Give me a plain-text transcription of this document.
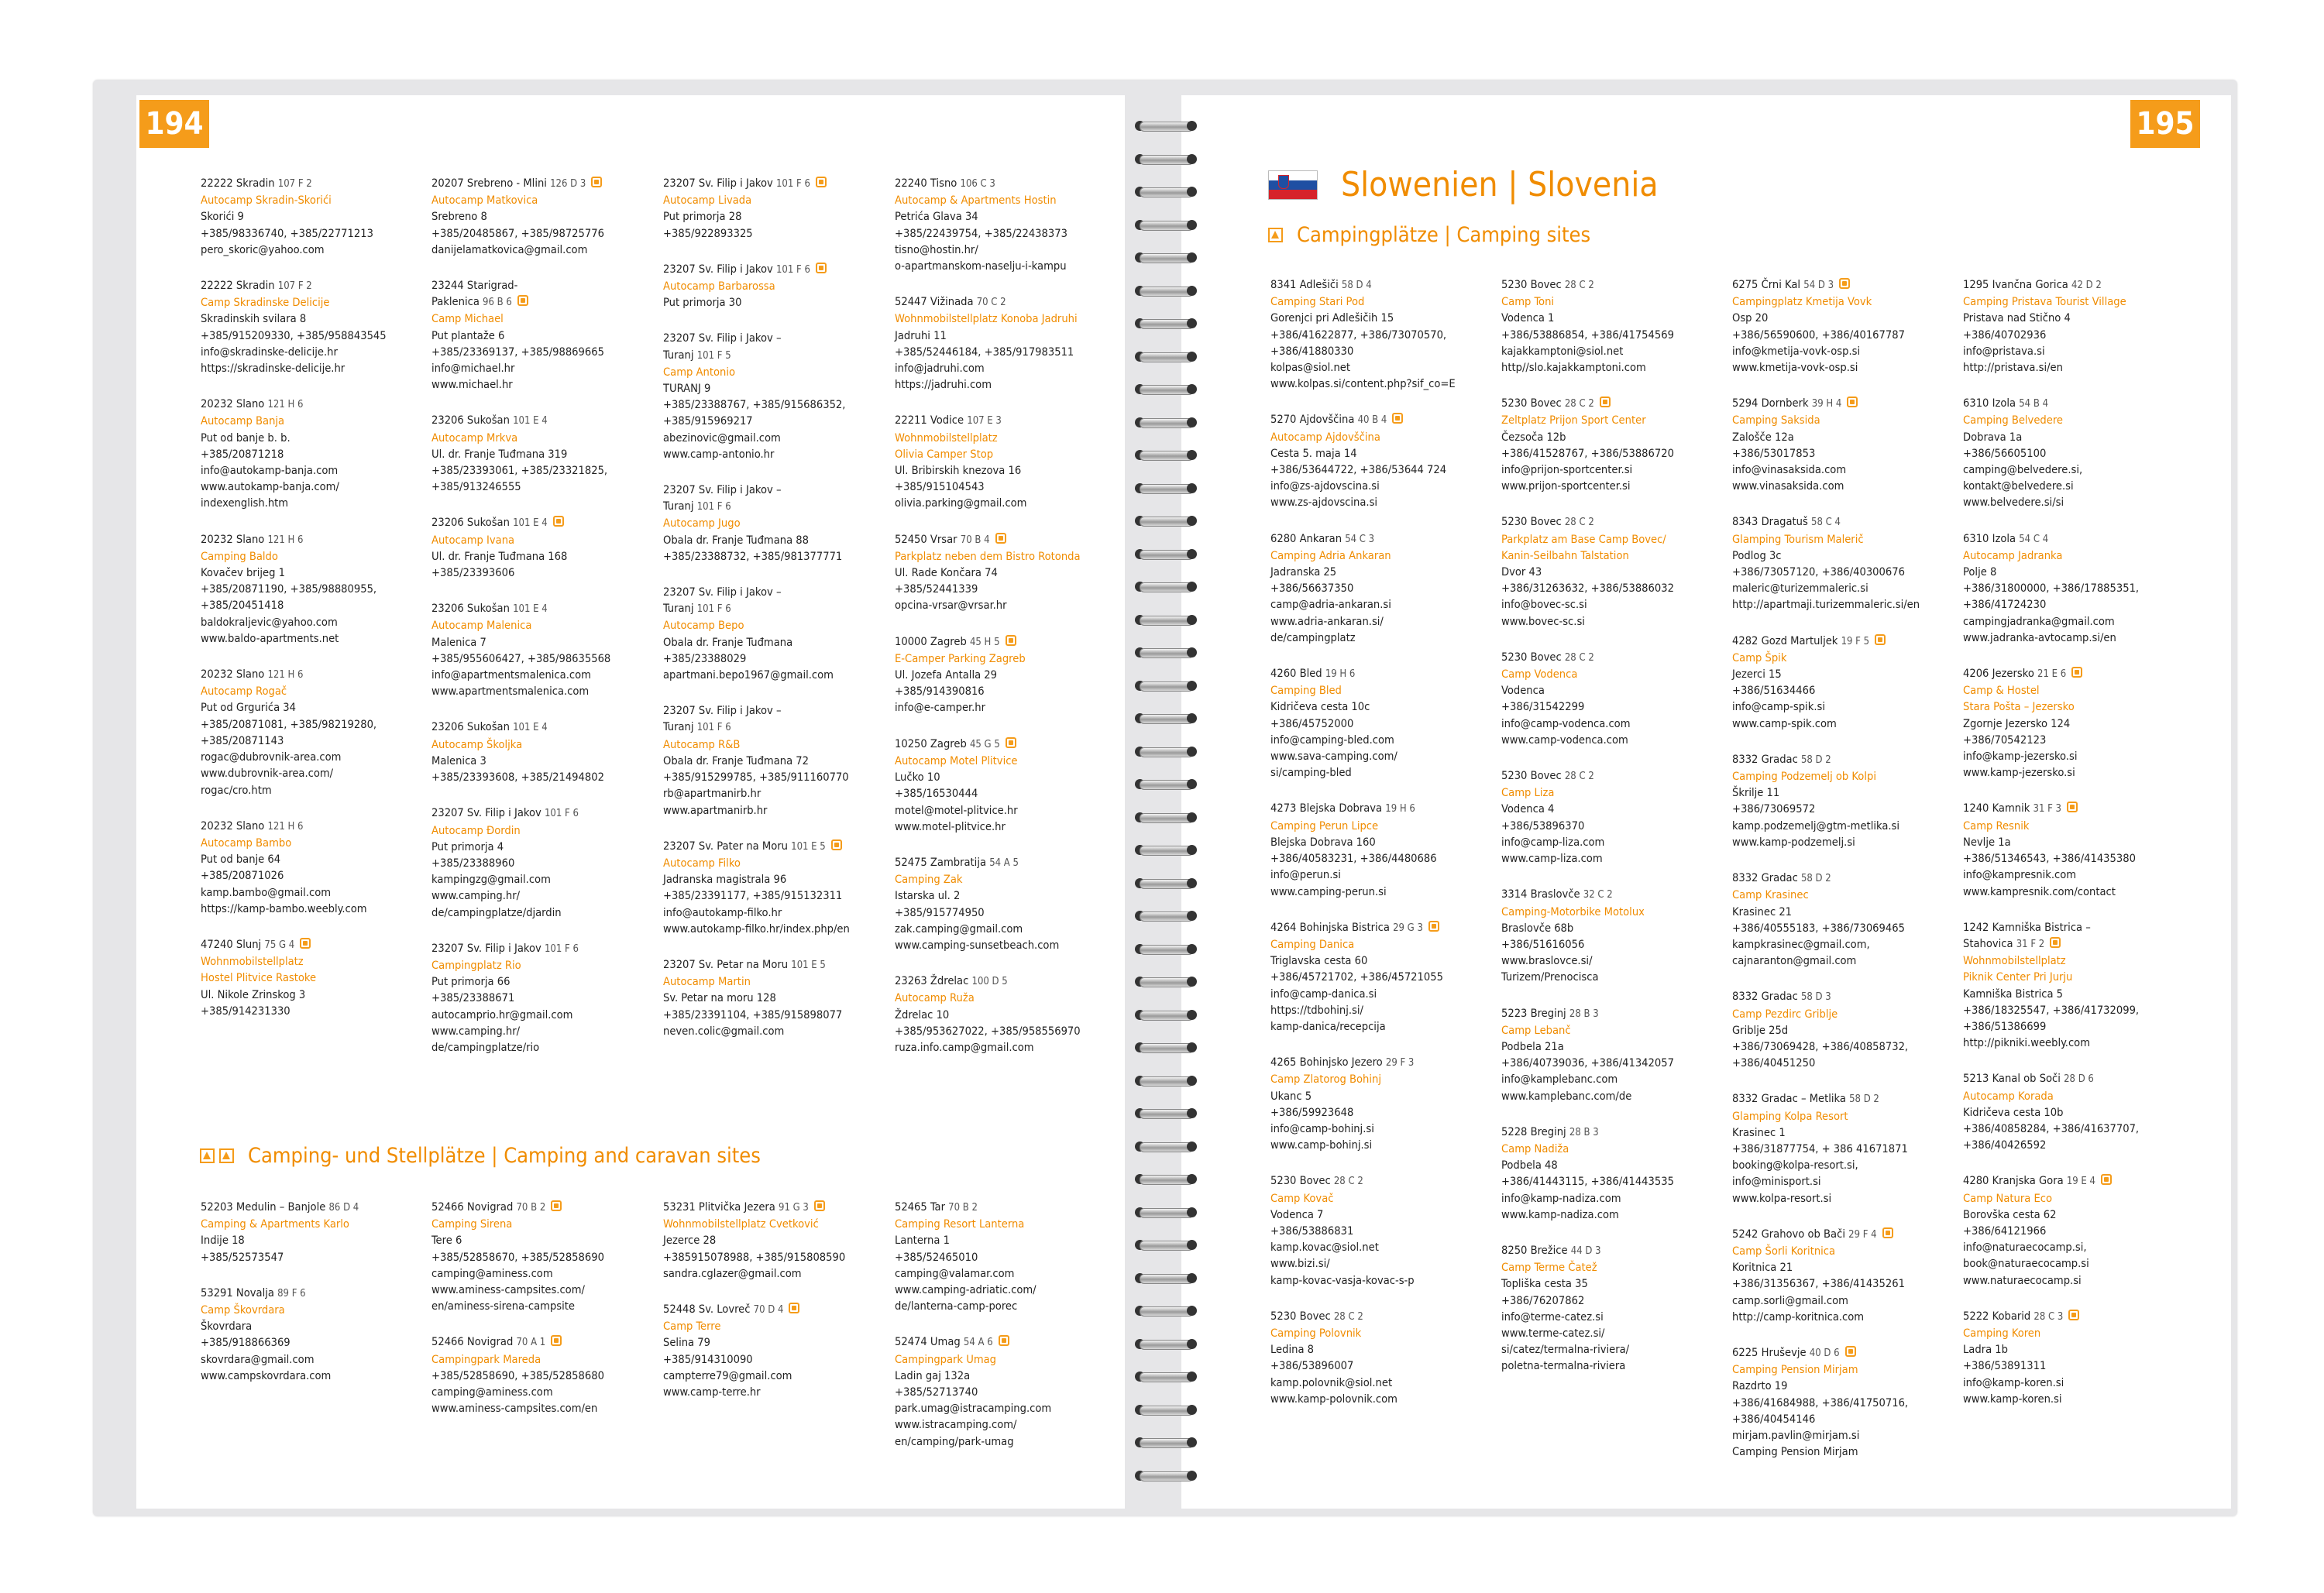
194	195
22222 Skradin 107 F 2
Autocamp Skradin-Skorići
Skorići 9
+385/98336740, +385/22771213
pero_skoric@yahoo.com
22222 Skradin 107 F 2
Camp Skradinske Delicije
Skradinskih svilara 8
+385/915209330, +385/958843545
info@skradinske-delicije.hr
https://skradinske-delicije.hr
20232 Slano 121 H 6
Autocamp Banja
Put od banje b. b.
+385/20871218
info@autokamp-banja.com
www.autokamp-banja.com/
indexenglish.htm
20232 Slano 121 H 6
Camping Baldo
Kovačev brijeg 1
+385/20871190, +385/98880955,
+385/20451418
baldokraljevic@yahoo.com
www.baldo-apartments.net
20232 Slano 121 H 6
Autocamp Rogač
Put od Grgurića 34
+385/20871081, +385/98219280,
+385/20871143
rogac@dubrovnik-area.com
www.dubrovnik-area.com/
rogac/cro.htm
20232 Slano 121 H 6
Autocamp Bambo
Put od banje 64
+385/20871026
kamp.bambo@gmail.com
https://kamp-bambo.weebly.com
47240 Slunj 75 G 4
Wohnmobilstellplatz
Hostel Plitvice Rastoke
Ul. Nikole Zrinskog 3
+385/914231330
20207 Srebreno - Mlini 126 D 3
Autocamp Matkovica
Srebreno 8
+385/20485867, +385/98725776
danijelamatkovica@gmail.com
23244 Starigrad-
Paklenica 96 B 6
Camp Michael
Put plantaže 6
+385/23369137, +385/98869665
info@michael.hr
www.michael.hr
23206 Sukošan 101 E 4
Autocamp Mrkva
Ul. dr. Franje Tuđmana 319
+385/23393061, +385/23321825,
+385/913246555
23206 Sukošan 101 E 4
Autocamp Ivana
Ul. dr. Franje Tuđmana 168
+385/23393606
23206 Sukošan 101 E 4
Autocamp Malenica
Malenica 7
+385/955606427, +385/98635568
info@apartmentsmalenica.com
www.apartmentsmalenica.com
23206 Sukošan 101 E 4
Autocamp Školjka
Malenica 3
+385/23393608, +385/21494802
23207 Sv. Filip i Jakov 101 F 6
Autocamp Đordin
Put primorja 4
+385/23388960
kampingzg@gmail.com
www.camping.hr/
de/campingplatze/djardin
23207 Sv. Filip i Jakov 101 F 6
Campingplatz Rio
Put primorja 66
+385/23388671
autocamprio.hr@gmail.com
www.camping.hr/
de/campingplatze/rio
23207 Sv. Filip i Jakov 101 F 6
Autocamp Livada
Put primorja 28
+385/922893325
23207 Sv. Filip i Jakov 101 F 6
Autocamp Barbarossa
Put primorja 30
23207 Sv. Filip i Jakov –
Turanj 101 F 5
Camp Antonio
TURANJ 9
+385/23388767, +385/915686352,
+385/915969217
abezinovic@gmail.com
www.camp-antonio.hr
23207 Sv. Filip i Jakov –
Turanj 101 F 6
Autocamp Jugo
Obala dr. Franje Tuđmana 88
+385/23388732, +385/981377771
23207 Sv. Filip i Jakov –
Turanj 101 F 6
Autocamp Bepo
Obala dr. Franje Tuđmana
+385/23388029
apartmani.bepo1967@gmail.com
23207 Sv. Filip i Jakov –
Turanj 101 F 6
Autocamp R&B
Obala dr. Franje Tuđmana 72
+385/915299785, +385/911160770
rb@apartmanirb.hr
www.apartmanirb.hr
23207 Sv. Pater na Moru 101 E 5
Autocamp Filko
Jadranska magistrala 96
+385/23391177, +385/915132311
info@autokamp-filko.hr
www.autokamp-filko.hr/index.php/en
23207 Sv. Petar na Moru 101 E 5
Autocamp Martin
Sv. Petar na moru 128
+385/23391104, +385/915898077
neven.colic@gmail.com
22240 Tisno 106 C 3
Autocamp & Apartments Hostin
Petrića Glava 34
+385/22439754, +385/22438373
tisno@hostin.hr/
o-apartmanskom-naselju-i-kampu
52447 Vižinada 70 C 2
Wohnmobilstellplatz Konoba Jadruhi
Jadruhi 11
+385/52446184, +385/917983511
info@jadruhi.com
https://jadruhi.com
22211 Vodice 107 E 3
Wohnmobilstellplatz
Olivia Camper Stop
Ul. Bribirskih knezova 16
+385/915104543
olivia.parking@gmail.com
52450 Vrsar 70 B 4
Parkplatz neben dem Bistro Rotonda
Ul. Rade Končara 74
+385/52441339
opcina-vrsar@vrsar.hr
10000 Zagreb 45 H 5
E-Camper Parking Zagreb
Ul. Jozefa Antalla 29
+385/914390816
info@e-camper.hr
10250 Zagreb 45 G 5
Autocamp Motel Plitvice
Lučko 10
+385/16530444
motel@motel-plitvice.hr
www.motel-plitvice.hr
52475 Zambratija 54 A 5
Camping Zak
Istarska ul. 2
+385/915774950
zak.camping@gmail.com
www.camping-sunsetbeach.com
23263 Ždrelac 100 D 5
Autocamp Ruža
Ždrelac 10
+385/953627022, +385/958556970
ruza.info.camp@gmail.com
Camping- und Stellplätze | Camping and caravan sites
52203 Medulin – Banjole 86 D 4
Camping & Apartments Karlo
Indije 18
+385/52573547
53291 Novalja 89 F 6
Camp Škovrdara
Škovrdara
+385/918866369
skovrdara@gmail.com
www.campskovrdara.com
52466 Novigrad 70 B 2
Camping Sirena
Tere 6
+385/52858670, +385/52858690
camping@aminess.com
www.aminess-campsites.com/
en/aminess-sirena-campsite
52466 Novigrad 70 A 1
Campingpark Mareda
+385/52858690, +385/52858680
camping@aminess.com
www.aminess-campsites.com/en
53231 Plitvička Jezera 91 G 3
Wohnmobilstellplatz Cvetković
Jezerce 28
+385915078988, +385/915808590
sandra.cglazer@gmail.com
52448 Sv. Lovreč 70 D 4
Camp Terre
Selina 79
+385/914310090
campterre79@gmail.com
www.camp-terre.hr
52465 Tar 70 B 2
Camping Resort Lanterna
Lanterna 1
+385/52465010
camping@valamar.com
www.camping-adriatic.com/
de/lanterna-camp-porec
52474 Umag 54 A 6
Campingpark Umag
Ladin gaj 132a
+385/52713740
park.umag@istracamping.com
www.istracamping.com/
en/camping/park-umag
Slowenien | Slovenia
Campingplätze | Camping sites
8341 Adlešiči 58 D 4
Camping Stari Pod
Gorenjci pri Adlešičih 15
+386/41622877, +386/73070570,
+386/41880330
kolpas@siol.net
www.kolpas.si/content.php?sif_co=E
5270 Ajdovščina 40 B 4
Autocamp Ajdovščina
Cesta 5. maja 14
+386/53644722, +386/53644 724
info@zs-ajdovscina.si
www.zs-ajdovscina.si
6280 Ankaran 54 C 3
Camping Adria Ankaran
Jadranska 25
+386/56637350
camp@adria-ankaran.si
www.adria-ankaran.si/
de/campingplatz
4260 Bled 19 H 6
Camping Bled
Kidričeva cesta 10c
+386/45752000
info@camping-bled.com
www.sava-camping.com/
si/camping-bled
4273 Blejska Dobrava 19 H 6
Camping Perun Lipce
Blejska Dobrava 160
+386/40583231, +386/4480686
info@perun.si
www.camping-perun.si
4264 Bohinjska Bistrica 29 G 3
Camping Danica
Triglavska cesta 60
+386/45721702, +386/45721055
info@camp-danica.si
https://tdbohinj.si/
kamp-danica/recepcija
4265 Bohinjsko Jezero 29 F 3
Camp Zlatorog Bohinj
Ukanc 5
+386/59923648
info@camp-bohinj.si
www.camp-bohinj.si
5230 Bovec 28 C 2
Camp Kovač
Vodenca 7
+386/53886831
kamp.kovac@siol.net
www.bizi.si/
kamp-kovac-vasja-kovac-s-p
5230 Bovec 28 C 2
Camping Polovnik
Ledina 8
+386/53896007
kamp.polovnik@siol.net
www.kamp-polovnik.com
5230 Bovec 28 C 2
Camp Toni
Vodenca 1
+386/53886854, +386/41754569
kajakkamptoni@siol.net
http//slo.kajakkamptoni.com
5230 Bovec 28 C 2
Zeltplatz Prijon Sport Center
Čezsoča 12b
+386/41528767, +386/53886720
info@prijon-sportcenter.si
www.prijon-sportcenter.si
5230 Bovec 28 C 2
Parkplatz am Base Camp Bovec/
Kanin-Seilbahn Talstation
Dvor 43
+386/31263632, +386/53886032
info@bovec-sc.si
www.bovec-sc.si
5230 Bovec 28 C 2
Camp Vodenca
Vodenca
+386/31542299
info@camp-vodenca.com
www.camp-vodenca.com
5230 Bovec 28 C 2
Camp Liza
Vodenca 4
+386/53896370
info@camp-liza.com
www.camp-liza.com
3314 Braslovče 32 C 2
Camping-Motorbike Motolux
Braslovče 68b
+386/51616056
www.braslovce.si/
Turizem/Prenocisca
5223 Breginj 28 B 3
Camp Lebanč
Podbela 21a
+386/40739036, +386/41342057
info@kamplebanc.com
www.kamplebanc.com/de
5228 Breginj 28 B 3
Camp Nadiža
Podbela 48
+386/41443115, +386/41443535
info@kamp-nadiza.com
www.kamp-nadiza.com
8250 Brežice 44 D 3
Camp Terme Čatež
Topliška cesta 35
+386/76207862
info@terme-catez.si
www.terme-catez.si/
si/catez/termalna-riviera/
poletna-termalna-riviera
6275 Črni Kal 54 D 3
Campingplatz Kmetija Vovk
Osp 20
+386/56590600, +386/40167787
info@kmetija-vovk-osp.si
www.kmetija-vovk-osp.si
5294 Dornberk 39 H 4
Camping Saksida
Zalošče 12a
+386/53017853
info@vinasaksida.com
www.vinasaksida.com
8343 Dragatuš 58 C 4
Glamping Tourism Malerič
Podlog 3c
+386/73057120, +386/40300676
maleric@turizemmaleric.si
http://apartmaji.turizemmaleric.si/en
4282 Gozd Martuljek 19 F 5
Camp Špik
Jezerci 15
+386/51634466
info@camp-spik.si
www.camp-spik.com
8332 Gradac 58 D 2
Camping Podzemelj ob Kolpi
Škrilje 11
+386/73069572
kamp.podzemelj@gtm-metlika.si
www.kamp-podzemelj.si
8332 Gradac 58 D 2
Camp Krasinec
Krasinec 21
+386/40555183, +386/73069465
kampkrasinec@gmail.com,
cajnaranton@gmail.com
8332 Gradac 58 D 3
Camp Pezdirc Griblje
Griblje 25d
+386/73069428, +386/40858732,
+386/40451250
8332 Gradac – Metlika 58 D 2
Glamping Kolpa Resort
Krasinec 1
+386/31877754, + 386 41671871
booking@kolpa-resort.si,
info@minisport.si
www.kolpa-resort.si
5242 Grahovo ob Bači 29 F 4
Camp Šorli Koritnica
Koritnica 21
+386/31356367, +386/41435261
camp.sorli@gmail.com
http://camp-koritnica.com
6225 Hruševje 40 D 6
Camping Pension Mirjam
Razdrto 19
+386/41684988, +386/41750716,
+386/40454146
mirjam.pavlin@mirjam.si
Camping Pension Mirjam
1295 Ivančna Gorica 42 D 2
Camping Pristava Tourist Village
Pristava nad Stično 4
+386/40702936
info@pristava.si
http://pristava.si/en
6310 Izola 54 B 4
Camping Belvedere
Dobrava 1a
+386/56605100
camping@belvedere.si,
kontakt@belvedere.si
www.belvedere.si/si
6310 Izola 54 C 4
Autocamp Jadranka
Polje 8
+386/31800000, +386/17885351,
+386/41724230
campingjadranka@gmail.com
www.jadranka-avtocamp.si/en
4206 Jezersko 21 E 6
Camp & Hostel
Stara Pošta – Jezersko
Zgornje Jezersko 124
+386/70542123
info@kamp-jezersko.si
www.kamp-jezersko.si
1240 Kamnik 31 F 3
Camp Resnik
Nevlje 1a
+386/51346543, +386/41435380
info@kampresnik.com
www.kampresnik.com/contact
1242 Kamniška Bistrica –
Stahovica 31 F 2
Wohnmobilstellplatz
Piknik Center Pri Jurju
Kamniška Bistrica 5
+386/18325547, +386/41732099,
+386/51386699
http://pikniki.weebly.com
5213 Kanal ob Soči 28 D 6
Autocamp Korada
Kidričeva cesta 10b
+386/40858284, +386/41637707,
+386/40426592
4280 Kranjska Gora 19 E 4
Camp Natura Eco
Borovška cesta 62
+386/64121966
info@naturaecocamp.si,
book@naturaecocamp.si
www.naturaecocamp.si
5222 Kobarid 28 C 3
Camping Koren
Ladra 1b
+386/53891311
info@kamp-koren.si
www.kamp-koren.si
